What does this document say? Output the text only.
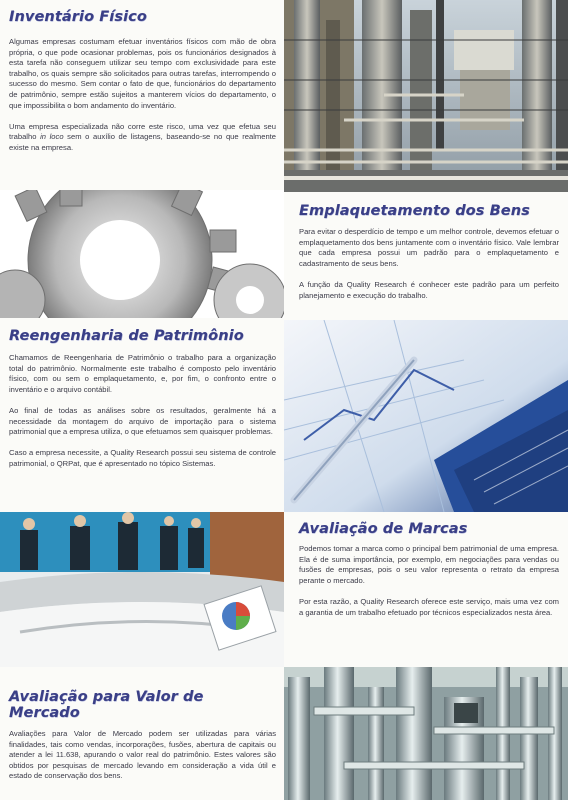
Inventário Físico

Algumas empresas costumam efetuar inventários físicos com mão de obra própria, o que pode ocasionar problemas, pois os funcionários designados à esta tarefa não conseguem utilizar seu tempo com exclusividade para este trabalho, os quais sempre são solicitados para outras tarefas, interrompendo o sucesso do mesmo. Sem contar o fato de que, funcionários do departamento de patrimônio, sempre estão sujeitos a manterem vícios do departamento, o que impossibilita o bom andamento do inventário.

Uma empresa especializada não corre este risco, uma vez que efetua seu trabalho in loco sem o auxílio de listagens, baseando-se no que realmente existe na empresa.

Emplaquetamento dos Bens

Para evitar o desperdício de tempo e um melhor controle, devemos efetuar o emplaquetamento dos bens juntamente com o inventário físico. Vale lembrar que cada empresa possui um padrão para o emplaquetamento e cadastramento de seus bens.

A função da Quality Research é conhecer este padrão para um perfeito planejamento e execução do trabalho.

Reengenharia de Patrimônio

Chamamos de Reengenharia de Patrimônio o trabalho para a organização total do patrimônio. Normalmente este trabalho é composto pelo inventário físico, com ou sem o emplaquetamento, e, por fim, o confronto entre o inventário e o arquivo contábil.

Ao final de todas as análises sobre os resultados, geralmente há a necessidade da montagem do arquivo de importação para o sistema patrimonial que a empresa utiliza, o que efetuamos sem quaisquer problemas.

Caso a empresa necessite, a Quality Research possui seu sistema de controle patrimonial, o QRPat, que é apresentado no tópico Sistemas.

Avaliação de Marcas

Podemos tomar a marca como o principal bem patrimonial de uma empresa. Ela é de suma importância, por exemplo, em negociações para vendas ou fusões de empresas, pois o seu valor representa o retrato da empresa perante o mercado.

Por esta razão, a Quality Research oferece este serviço, mais uma vez com a garantia de um trabalho efetuado por técnicos especializados nesta área.

Avaliação para Valor de Mercado

Avaliações para Valor de Mercado podem ser utilizadas para várias finalidades, tais como vendas, incorporações, fusões, abertura de capitais ou atender a lei 11.638, apurando o valor real do patrimônio. Estes valores são obtidos por pesquisas de mercado levando em consideração a vida útil e estado de conservação dos bens.
